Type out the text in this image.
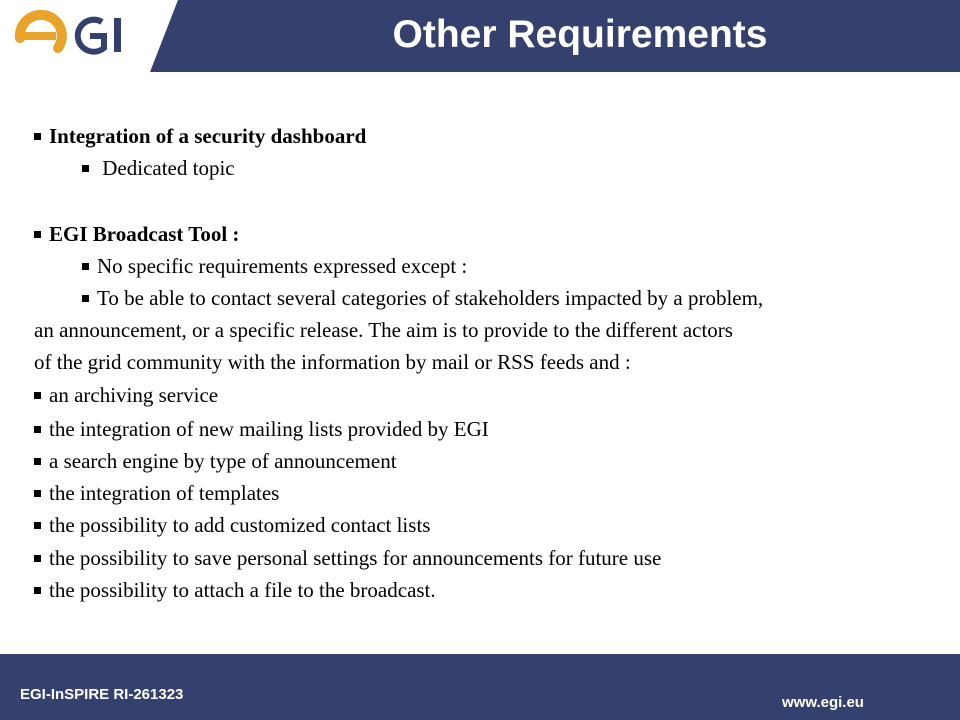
Other Requirements
Integration of a security dashboard
Dedicated topic
EGI Broadcast Tool :
No specific requirements expressed except :
To be able to contact several categories of stakeholders impacted by a problem,
an announcement, or a specific release. The aim is to provide to the different actors
of the grid community with the information by mail or RSS feeds and :
an archiving service
the integration of new mailing lists provided by EGI
a search engine by type of announcement
the integration of templates
the possibility to add customized contact lists
the possibility to save personal settings for announcements for future use
the possibility to attach a file to the broadcast.
EGI-InSPIRE RI-261323	www.egi.eu
